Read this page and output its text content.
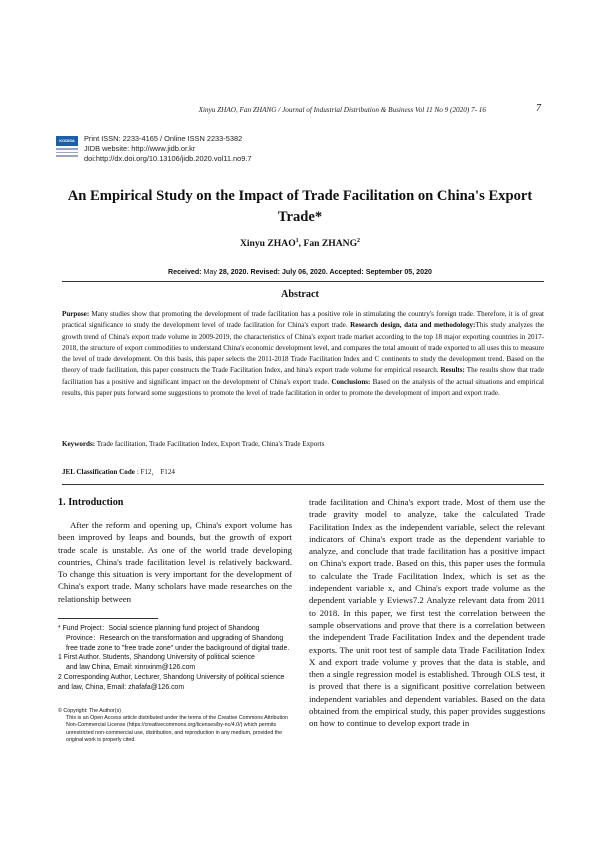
Xinyu ZHAO, Fan ZHANG / Journal of Industrial Distribution & Business Vol 11 No 9 (2020) 7- 16	7
KODISA	Print ISSN: 2233-4165 / Online ISSN 2233-5382
JIDB website: http://www.jidb.or.kr
doi:http://dx.doi.org/10.13106/jidb.2020.vol11.no9.7
An Empirical Study on the Impact of Trade Facilitation on China's Export
Trade*
Xinyu ZHAO$^1$, Fan ZHANG$^2$
Received: May 28, 2020. Revised: July 06, 2020. Accepted: September 05, 2020
Abstract
Purpose: Many studies show that promoting the development of trade facilitation has a positive role in stimulating the country's foreign trade. Therefore, it is of great practical significance to study the development level of trade facilitation for China's export trade. Research design, data and methodology:This study analyzes the growth trend of China's export trade volume in 2009-2019, the characteristics of China's export trade market according to the top 18 major exporting countries in 2017-2018, the structure of export commodities to understand China's economic development level, and compares the total amount of trade exported to all uses this to measure the level of trade development. On this basis, this paper selects the 2011-2018 Trade Facilitation Index and C continents to study the development trend. Based on the theory of trade facilitation, this paper constructs the Trade Facilitation Index, and hina's export trade volume for empirical research. Results: The results show that trade facilitation has a positive and significant impact on the development of China's export trade. Conclusions: Based on the analysis of the actual situations and empirical results, this paper puts forward some suggestions to promote the level of trade facilitation in order to promote the development of import and export trade.
Keywords: Trade facilitation, Trade Facilitation Index, Export Trade, China's Trade Exports
JEL Classification Code : F12， F124
1. Introduction

After the reform and opening up, China's export volume has been improved by leaps and bounds, but the growth of export trade scale is unstable. As one of the world trade developing countries, China's trade facilitation level is relatively backward. To change this situation is very important for the development of China's export trade. Many scholars have made researches on the relationship between

* Fund Project：Social science planning fund project of Shandong

Province：Research on the transformation and upgrading of Shandong free trade zone to "free trade zone" under the background of digital trade.

1 First Author. Students, Shandong University of political science

and law China, Email: xinnxinm@126.com

2 Corresponding Author, Lecturer, Shandong University of political science and law, China, Email: zhafafa@126.com

© Copyright: The Author(s)

This is an Open Access article distributed under the terms of the Creative Commons Attribution Non-Commercial License (https://creativecommons.org/licenses/by-nc/4.0/) which permits unrestricted non-commercial use, distribution, and reproduction in any medium, provided the original work is properly cited.

trade facilitation and China's export trade. Most of them use the trade gravity model to analyze, take the calculated Trade Facilitation Index as the independent variable, select the relevant indicators of China's export trade as the dependent variable to analyze, and conclude that trade facilitation has a positive impact on China's export trade. Based on this, this paper uses the formula to calculate the Trade Facilitation Index, which is set as the independent variable x, and China's export trade volume as the dependent variable y Eviews7.2 Analyze relevant data from 2011 to 2018. In this paper, we first test the correlation between the sample observations and prove that there is a correlation between the independent Trade Facilitation Index and the dependent trade exports. The unit root test of sample data Trade Facilitation Index X and export trade volume y proves that the data is stable, and then a single regression model is established. Through OLS test, it is proved that there is a significant positive correlation between independent variables and dependent variables. Based on the data obtained from the empirical study, this paper provides suggestions on how to continue to develop export trade in
